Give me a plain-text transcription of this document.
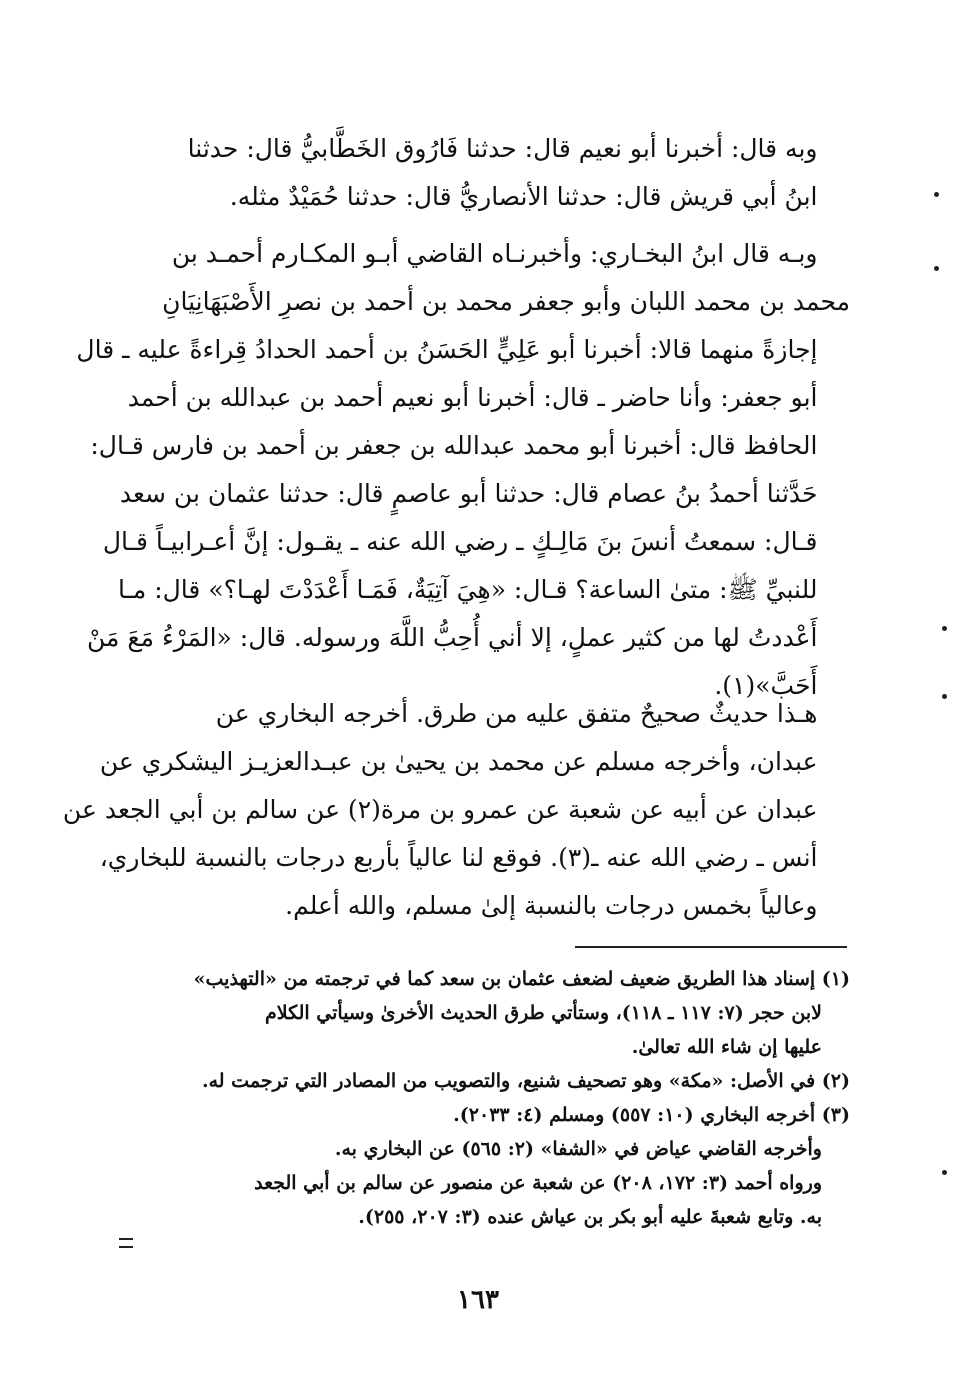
وبه قال: أخبرنا أبو نعيم قال: حدثنا فَارُوق الخَطَّابيُّ قال: حدثنا
ابنُ أبي قريش قال: حدثنا الأنصاريُّ قال: حدثنا حُمَيْدٌ مثله.

وبـه قال ابنُ البخـاري: وأخبرنـاه القاضي أبـو المكـارم أحمـد بن
محمد بن محمد اللبان وأبو جعفر محمد بن أحمد بن نصرِ الأَصْبَهَانِيَانِ
إجازةً منهما قالا: أخبرنا أبو عَلِيٍّ الحَسَنُ بن أحمد الحدادُ قِراءةً عليه ـ قال
أبو جعفر: وأنا حاضر ـ قال: أخبرنا أبو نعيم أحمد بن عبدالله بن أحمد
الحافظ قال: أخبرنا أبو محمد عبدالله بن جعفر بن أحمد بن فارس قـال:
حَدَّثنا أحمدُ بنُ عصام قال: حدثنا أبو عاصمٍ قال: حدثنا عثمان بن سعد
قـال: سمعتُ أنسَ بنَ مَالِـكٍ ـ رضي الله عنه ـ يقـول: إنَّ أعـرابيـاً قـال
للنبيِّ ﷺ: متىٰ الساعة؟ قـال: «هِيَ آتِيَةٌ، فَمَـا أَعْدَدْتَ لهـا؟» قال: مـا
أَعْددتُ لها من كثير عملٍ، إلا أني أُحِبُّ اللَّهَ ورسوله. قال: «المَرْءُ مَعَ مَنْ
أَحَبَّ»(١).

هـذا حديثٌ صحيحٌ متفق عليه من طرق. أخرجه البخاري عن
عبدان، وأخرجه مسلم عن محمد بن يحيىٰ بن عبـدالعزيـز اليشكري عن
عبدان عن أبيه عن شعبة عن عمرو بن مرة(٢) عن سالم بن أبي الجعد عن
أنس ـ رضي الله عنه ـ(٣). فوقع لنا عالياً بأربع درجات بالنسبة للبخاري،
وعالياً بخمس درجات بالنسبة إلىٰ مسلم، والله أعلم.

(١) إسناد هذا الطريق ضعيف لضعف عثمان بن سعد كما في ترجمته من «التهذيب»
لابن حجر (٧: ١١٧ ـ ١١٨)، وستأتي طرق الحديث الأخرىٰ وسيأتي الكلام
عليها إن شاء الله تعالىٰ.
(٢) في الأصل: «مكة» وهو تصحيف شنيع، والتصويب من المصادر التي ترجمت له.
(٣) أخرجه البخاري (١٠: ٥٥٧) ومسلم (٤: ٢٠٣٣).
وأخرجه القاضي عياض في «الشفا» (٢: ٥٦٥) عن البخاري به.
ورواه أحمد (٣: ١٧٢، ٢٠٨) عن شعبة عن منصور عن سالم بن أبي الجعد
به. وتابع شعبةَ عليه أبو بكر بن عياش عنده (٣: ٢٠٧، ٢٥٥).
١٦٣
